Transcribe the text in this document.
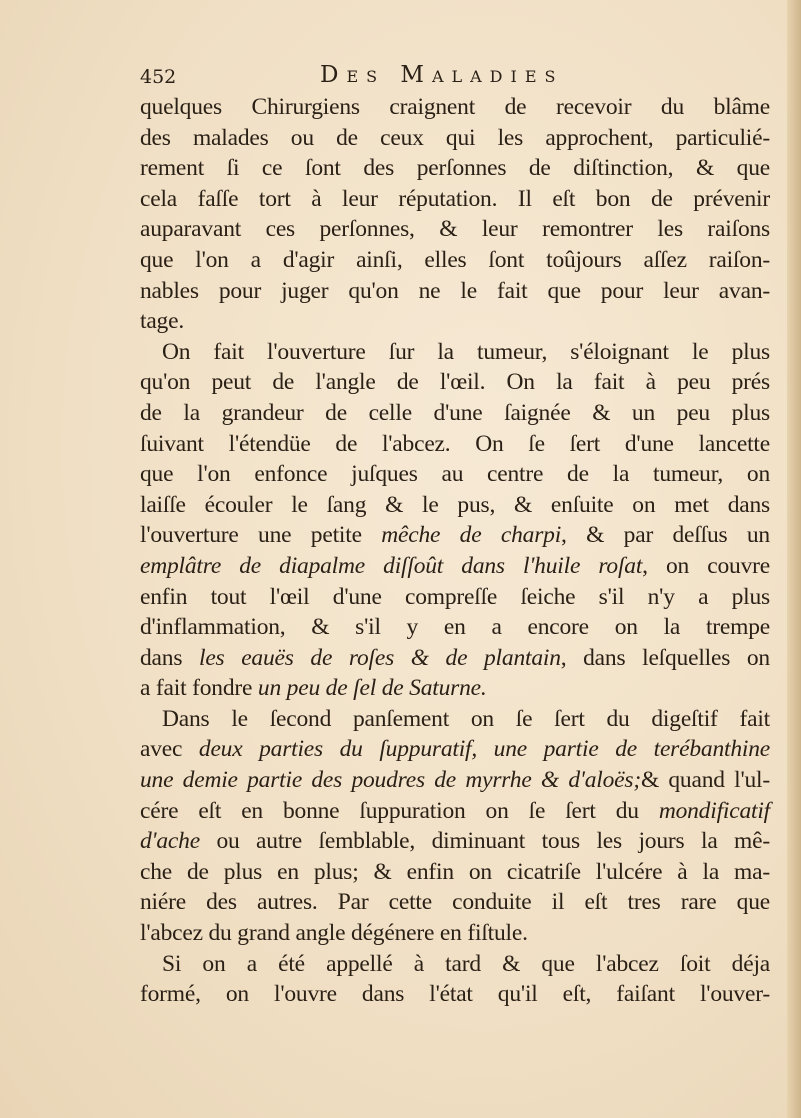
452	Des Maladies
quelques Chirurgiens craignent de recevoir du blâme
des malades ou de ceux qui les approchent, particulié-
rement ſi ce ſont des perſonnes de diſtinction, & que
cela faſſe tort à leur réputation. Il eſt bon de prévenir
auparavant ces perſonnes, & leur remontrer les raiſons
que l'on a d'agir ainſi, elles ſont toûjours aſſez raiſon-
nables pour juger qu'on ne le fait que pour leur avan-
tage.
On fait l'ouverture ſur la tumeur, s'éloignant le plus
qu'on peut de l'angle de l'œil. On la fait à peu prés
de la grandeur de celle d'une ſaignée & un peu plus
ſuivant l'étendüe de l'abcez. On ſe ſert d'une lancette
que l'on enfonce juſques au centre de la tumeur, on
laiſſe écouler le ſang & le pus, & enſuite on met dans
l'ouverture une petite mêche de charpi, & par deſſus un
emplâtre de diapalme diſſoût dans l'huile roſat, on couvre
enfin tout l'œil d'une compreſſe ſeiche s'il n'y a plus
d'inflammation, & s'il y en a encore on la trempe
dans les eauës de roſes & de plantain, dans leſquelles on
a fait fondre un peu de ſel de Saturne.
Dans le ſecond panſement on ſe ſert du digeſtif fait
avec deux parties du ſuppuratif, une partie de terébanthine
une demie partie des poudres de myrrhe & d'aloës;& quand l'ul-
cére eſt en bonne ſuppuration on ſe ſert du mondificatif
d'ache ou autre ſemblable, diminuant tous les jours la mê-
che de plus en plus; & enfin on cicatriſe l'ulcére à la ma-
niére des autres. Par cette conduite il eſt tres rare que
l'abcez du grand angle dégénere en fiſtule.
Si on a été appellé à tard & que l'abcez ſoit déja
formé, on l'ouvre dans l'état qu'il eſt, faiſant l'ouver-
